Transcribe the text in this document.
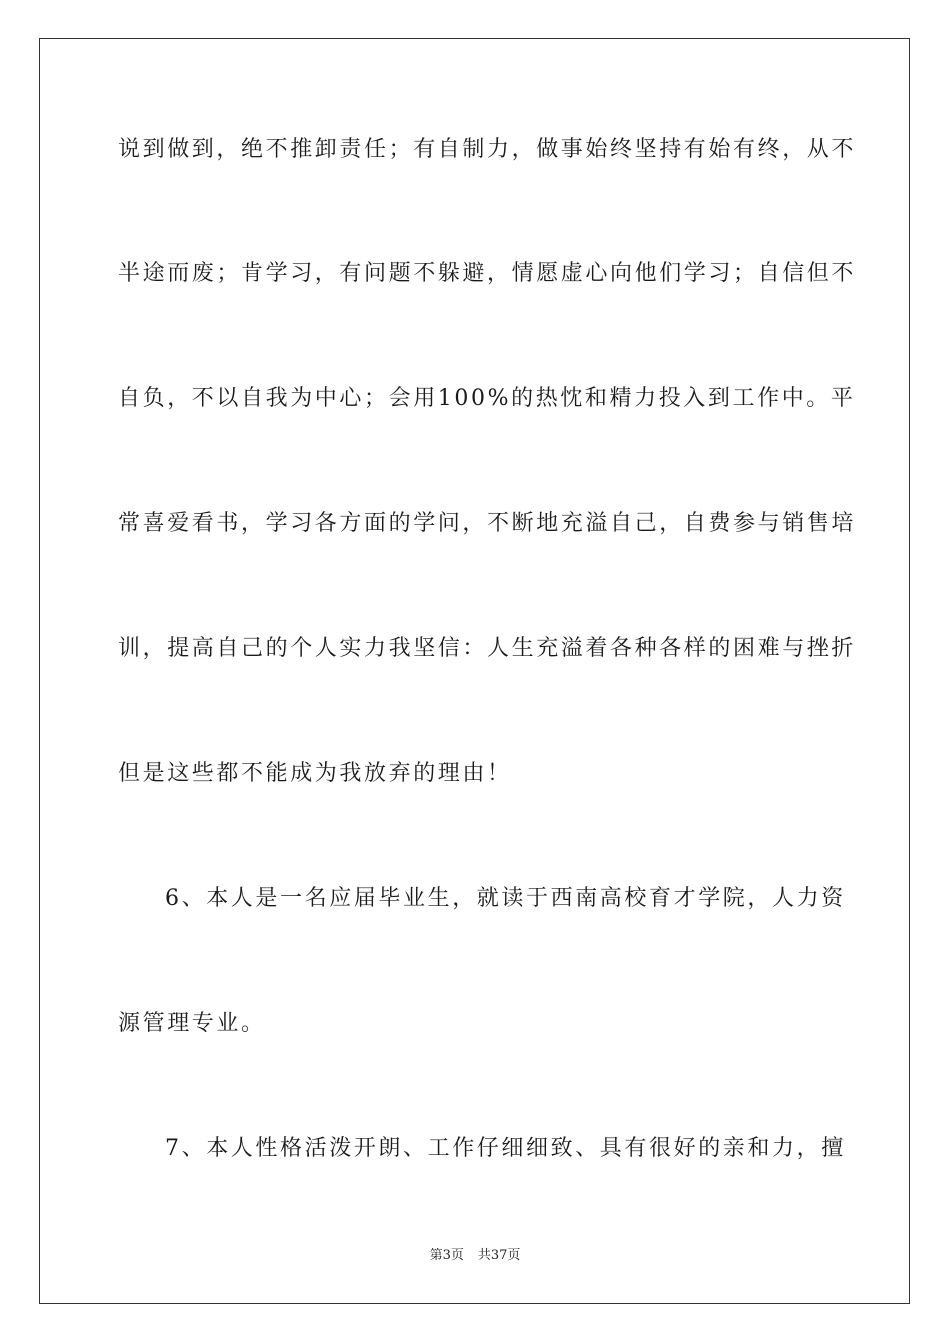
说到做到，绝不推卸责任；有自制力，做事始终坚持有始有终，从不
半途而废；肯学习，有问题不躲避，情愿虚心向他们学习；自信但不
自负，不以自我为中心；会用100%的热忱和精力投入到工作中。平
常喜爱看书，学习各方面的学问，不断地充溢自己，自费参与销售培
训，提高自己的个人实力我坚信：人生充溢着各种各样的困难与挫折
但是这些都不能成为我放弃的理由！
6、本人是一名应届毕业生，就读于西南高校育才学院，人力资
源管理专业。
7、本人性格活泼开朗、工作仔细细致、具有很好的亲和力，擅
第3页 共37页
